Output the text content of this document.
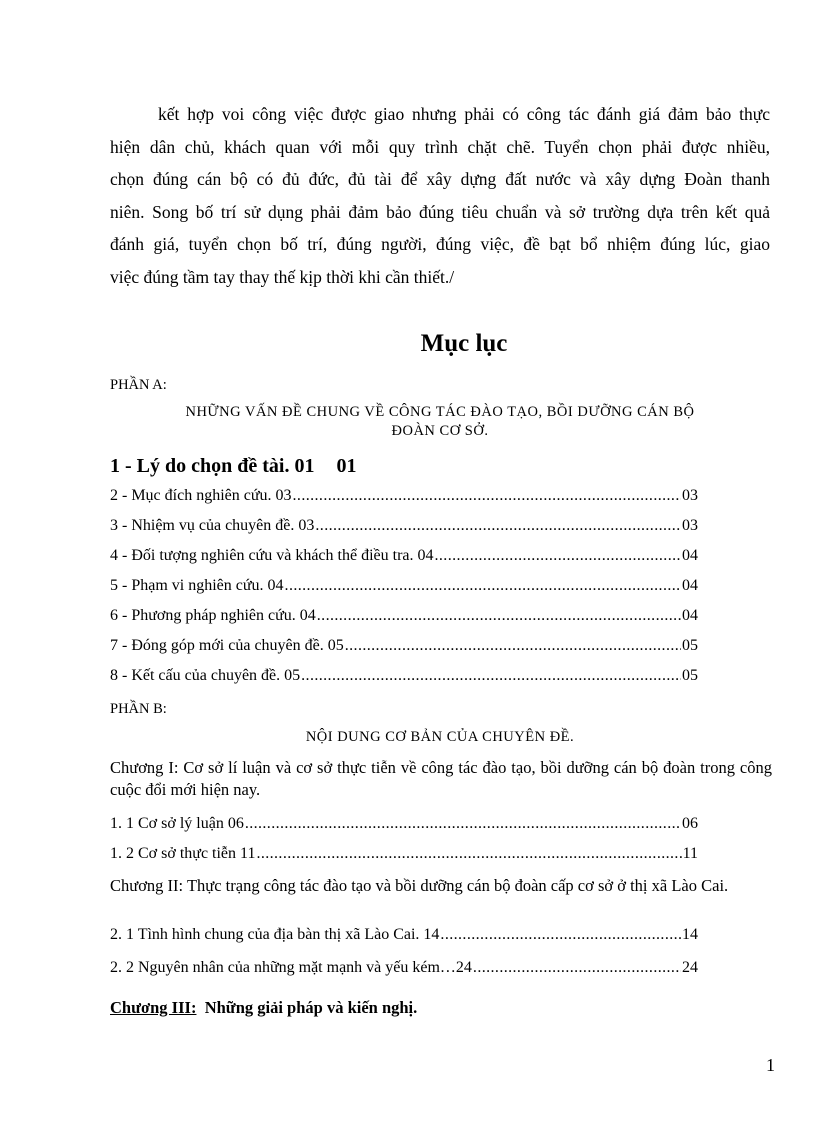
kết hợp voi công việc được giao nhưng phải có công tác đánh giá đảm bảo thực
hiện dân chủ, khách quan với mỗi quy trình chặt chẽ. Tuyển chọn phải được nhiều,
chọn đúng cán bộ có đủ đức, đủ tài để xây dựng đất nước và xây dựng Đoàn thanh
niên. Song bố trí sử dụng phải đảm bảo đúng tiêu chuẩn và sở trường dựa trên kết quả
đánh giá, tuyển chọn bố trí, đúng người, đúng việc, đề bạt bổ nhiệm đúng lúc, giao
việc đúng tầm tay thay thế kịp thời khi cần thiết./
Mục lục
PHẦN A:
NHỮNG VẤN ĐỀ CHUNG VỀ CÔNG TÁC ĐÀO TẠO, BỒI DƯỠNG CÁN BỘ
ĐOÀN CƠ SỞ.
1 - Lý do chọn đề tài. 01 01
2 - Mục đích nghiên cứu. 03 .....	03
3 - Nhiệm vụ của chuyên đề. 03 .....	03
4 - Đối tượng nghiên cứu và khách thể điều tra. 04 .....	04
5 - Phạm vi nghiên cứu. 04 .....	04
6 - Phương pháp nghiên cứu. 04 .....	04
7 - Đóng góp mới của chuyên đề. 05 .....	05
8 - Kết cấu của chuyên đề. 05 .....	05
PHẦN B:
NỘI DUNG CƠ BẢN CỦA CHUYÊN ĐỀ.
Chương I: Cơ sở lí luận và cơ sở thực tiễn về công tác đào tạo, bồi dưỡng cán bộ đoàn trong công cuộc đổi mới hiện nay.
1. 1 Cơ sở lý luận 06 .....	06
1. 2 Cơ sở thực tiễn 11 .....	11
Chương II: Thực trạng công tác đào tạo và bồi dưỡng cán bộ đoàn cấp cơ sở ở thị xã Lào Cai.
2. 1 Tình hình chung của địa bàn thị xã Lào Cai. 14 .....	14
2. 2 Nguyên nhân của những mặt mạnh và yếu kém…24 .....	24
Chương III: Những giải pháp và kiến nghị.
1
